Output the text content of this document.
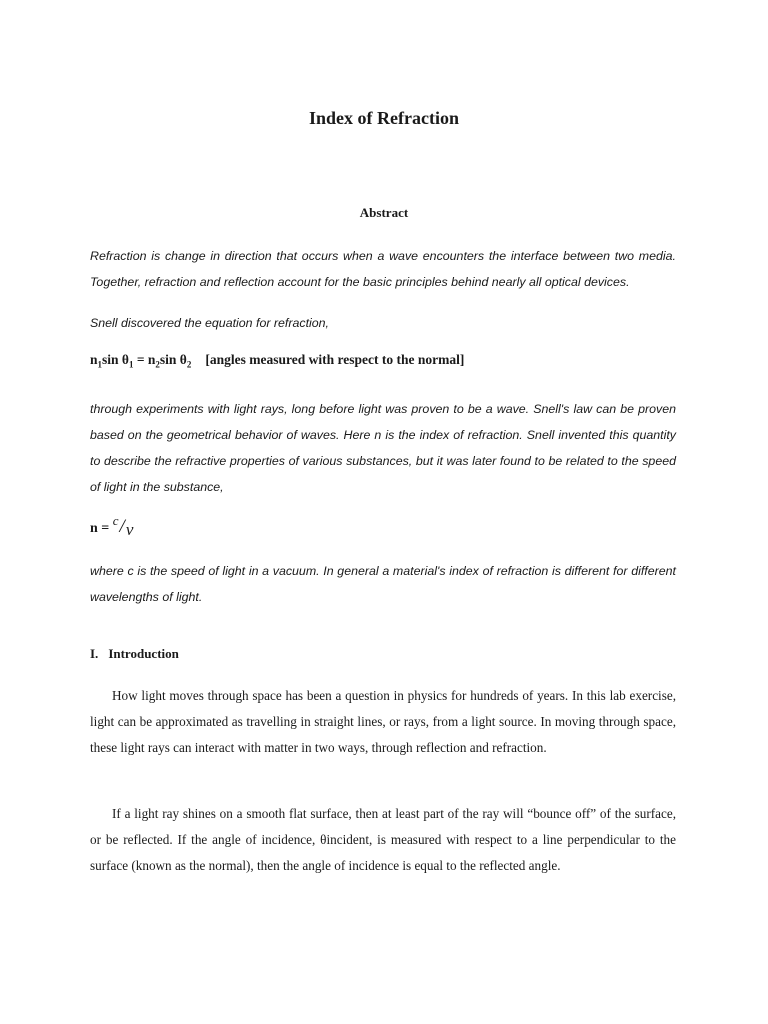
Index of Refraction
Abstract
Refraction is change in direction that occurs when a wave encounters the interface between two media. Together, refraction and reflection account for the basic principles behind nearly all optical devices.
Snell discovered the equation for refraction,
$n_1\sin$ $\theta_1 = n_2\sin$ $\theta_2$ [angles measured with respect to the normal]
through experiments with light rays, long before light was proven to be a wave. Snell's law can be proven based on the geometrical behavior of waves. Here n is the index of refraction. Snell invented this quantity to describe the refractive properties of various substances, but it was later found to be related to the speed of light in the substance,
$n = ^c/_v$
where c is the speed of light in a vacuum. In general a material's index of refraction is different for different wavelengths of light.
I. Introduction
How light moves through space has been a question in physics for hundreds of years. In this lab exercise, light can be approximated as travelling in straight lines, or rays, from a light source. In moving through space, these light rays can interact with matter in two ways, through reflection and refraction.
If a light ray shines on a smooth flat surface, then at least part of the ray will “bounce off” of the surface, or be reflected. If the angle of incidence, θincident, is measured with respect to a line perpendicular to the surface (known as the normal), then the angle of incidence is equal to the reflected angle.
